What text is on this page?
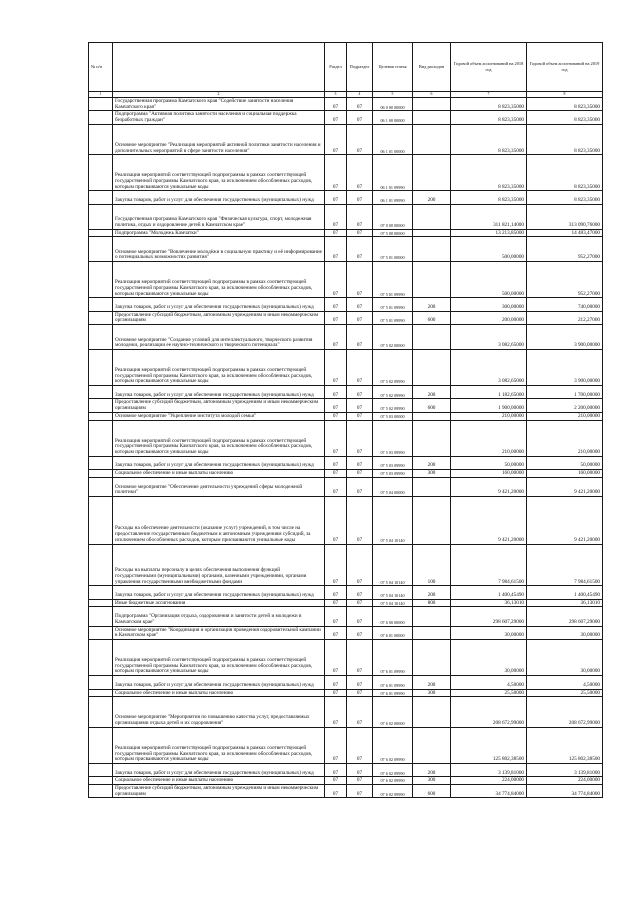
№ п/п		Раздел	Подраздел	Целевая статья	Вид расходов	Годовой объем ассигнований на 2018 год	Годовой объем ассигнований на 2019 год
1	2	3	4	5	6	7	8
	Государственная программа Камчатского края "Содействие занятости населения Камчатского края"	07	07	06 0 00 00000		8 823,35000	8 823,35000
	Подпрограмма "Активная политика занятости населения и социальная поддержка безработных граждан"	07	07	06 1 00 00000		8 823,35000	8 823,35000
	Основное мероприятие "Реализация мероприятий активной политики занятости населения и дополнительных мероприятий в сфере занятости населения"	07	07	06 1 01 00000		8 823,35000	8 823,35000
	Реализация мероприятий соответствующей подпрограммы в рамках соответствующей государственной программы Камчатского края, за исключением обособленных расходов, которым присваиваются уникальные коды	07	07	06 1 01 09990		8 823,35000	8 823,35000
	Закупка товаров, работ и услуг для обеспечения государственных (муниципальных) нужд	07	07	06 1 01 09990	200	8 823,35000	8 823,35000
	Государственная программа Камчатского края "Физическая культура, спорт, молодежная политика, отдых и оздоровление детей в Камчатском крае"	07	07	07 0 00 00000		311 821,14000	313 090,76000
	Подпрограмма "Молодежь Камчатки"	07	07	07 5 00 00000		13 213,85000	14 483,47000
	Основное мероприятие "Вовлечение молодёжи в социальную практику и её информирование о потенциальных возможностях развития"	07	07	07 5 01 00000		500,00000	952,27000
	Реализация мероприятий соответствующей подпрограммы в рамках соответствующей государственной программы Камчатского края, за исключением обособленных расходов, которым присваиваются уникальные коды	07	07	07 5 01 09990		500,00000	952,27000
	Закупка товаров, работ и услуг для обеспечения государственных (муниципальных) нужд	07	07	07 5 01 09990	200	300,00000	740,00000
	Предоставление субсидий бюджетным, автономным учреждениям и иным некоммерческим организациям	07	07	07 5 01 09990	600	200,00000	212,27000
	Основное мероприятие "Создание условий для интеллектуального, творческого развития молодежи, реализации ее научно-технического и творческого потенциала"	07	07	07 5 02 00000		3 082,65000	3 900,00000
	Реализация мероприятий соответствующей подпрограммы в рамках соответствующей государственной программы Камчатского края, за исключением обособленных расходов, которым присваиваются уникальные коды	07	07	07 5 02 09990		3 082,65000	3 900,00000
	Закупка товаров, работ и услуг для обеспечения государственных (муниципальных) нужд	07	07	07 5 02 09990	200	1 182,65000	1 700,00000
	Предоставление субсидий бюджетным, автономным учреждениям и иным некоммерческим организациям	07	07	07 5 02 09990	600	1 900,00000	2 200,00000
	Основное мероприятие "Укрепление института молодой семьи"	07	07	07 5 03 00000		210,00000	210,00000
	Реализация мероприятий соответствующей подпрограммы в рамках соответствующей государственной программы Камчатского края, за исключением обособленных расходов, которым присваиваются уникальные коды	07	07	07 5 03 09990		210,00000	210,00000
	Закупка товаров, работ и услуг для обеспечения государственных (муниципальных) нужд	07	07	07 5 03 09990	200	50,00000	50,00000
	Социальное обеспечение и иные выплаты населению	07	07	07 5 03 09990	300	160,00000	160,00000
	Основное мероприятие "Обеспечение деятельности учреждений сферы молодежной политики"	07	07	07 5 04 00000		9 421,20000	9 421,20000
	Расходы на обеспечение деятельности (оказание услуг) учреждений, в том числе на предоставление государственным бюджетным и автономным учреждениям субсидий, за исключением обособленных расходов, которым присваиваются уникальные коды	07	07	07 5 04 10140		9 421,20000	9 421,20000
	Расходы на выплаты персоналу в целях обеспечения выполнения функций государственными (муниципальными) органами, казенными учреждениями, органами управления государственными внебюджетными фондами	07	07	07 5 04 10140	100	7 984,61500	7 984,61500
	Закупка товаров, работ и услуг для обеспечения государственных (муниципальных) нужд	07	07	07 5 04 10140	200	1 400,45490	1 400,45490
	Иные бюджетные ассигнования	07	07	07 5 04 10140	800	36,13010	36,13010
	Подпрограмма "Организация отдыха, оздоровления и занятости детей и молодежи в Камчатском крае"	07	07	07 6 00 00000		298 607,29000	298 607,29000
	Основное мероприятие "Координация и организация проведения оздоровительной кампании в Камчатском крае"	07	07	07 6 01 00000		30,00000	30,00000
	Реализация мероприятий соответствующей подпрограммы в рамках соответствующей государственной программы Камчатского края, за исключением обособленных расходов, которым присваиваются уникальные коды	07	07	07 6 01 09990		30,00000	30,00000
	Закупка товаров, работ и услуг для обеспечения государственных (муниципальных) нужд	07	07	07 6 01 09990	200	4,50000	4,50000
	Социальное обеспечение и иные выплаты населению	07	07	07 6 01 09990	300	25,50000	25,50000
	Основное мероприятие "Мероприятия по повышению качества услуг, предоставляемых организациями отдыха детей и их оздоровления"	07	07	07 6 02 00000		208 672,99000	208 672,99000
	Реализация мероприятий соответствующей подпрограммы в рамках соответствующей государственной программы Камчатского края, за исключением обособленных расходов, которым присваиваются уникальные коды	07	07	07 6 02 09990		125 802,38500	125 802,38500
	Закупка товаров, работ и услуг для обеспечения государственных (муниципальных) нужд	07	07	07 6 02 09990	200	3 139,81000	3 139,81000
	Социальное обеспечение и иные выплаты населению	07	07	07 6 02 09990	300	224,00000	224,00000
	Предоставление субсидий бюджетным, автономным учреждениям и иным некоммерческим организациям	07	07	07 6 02 09990	600	34 774,84000	34 774,84000
